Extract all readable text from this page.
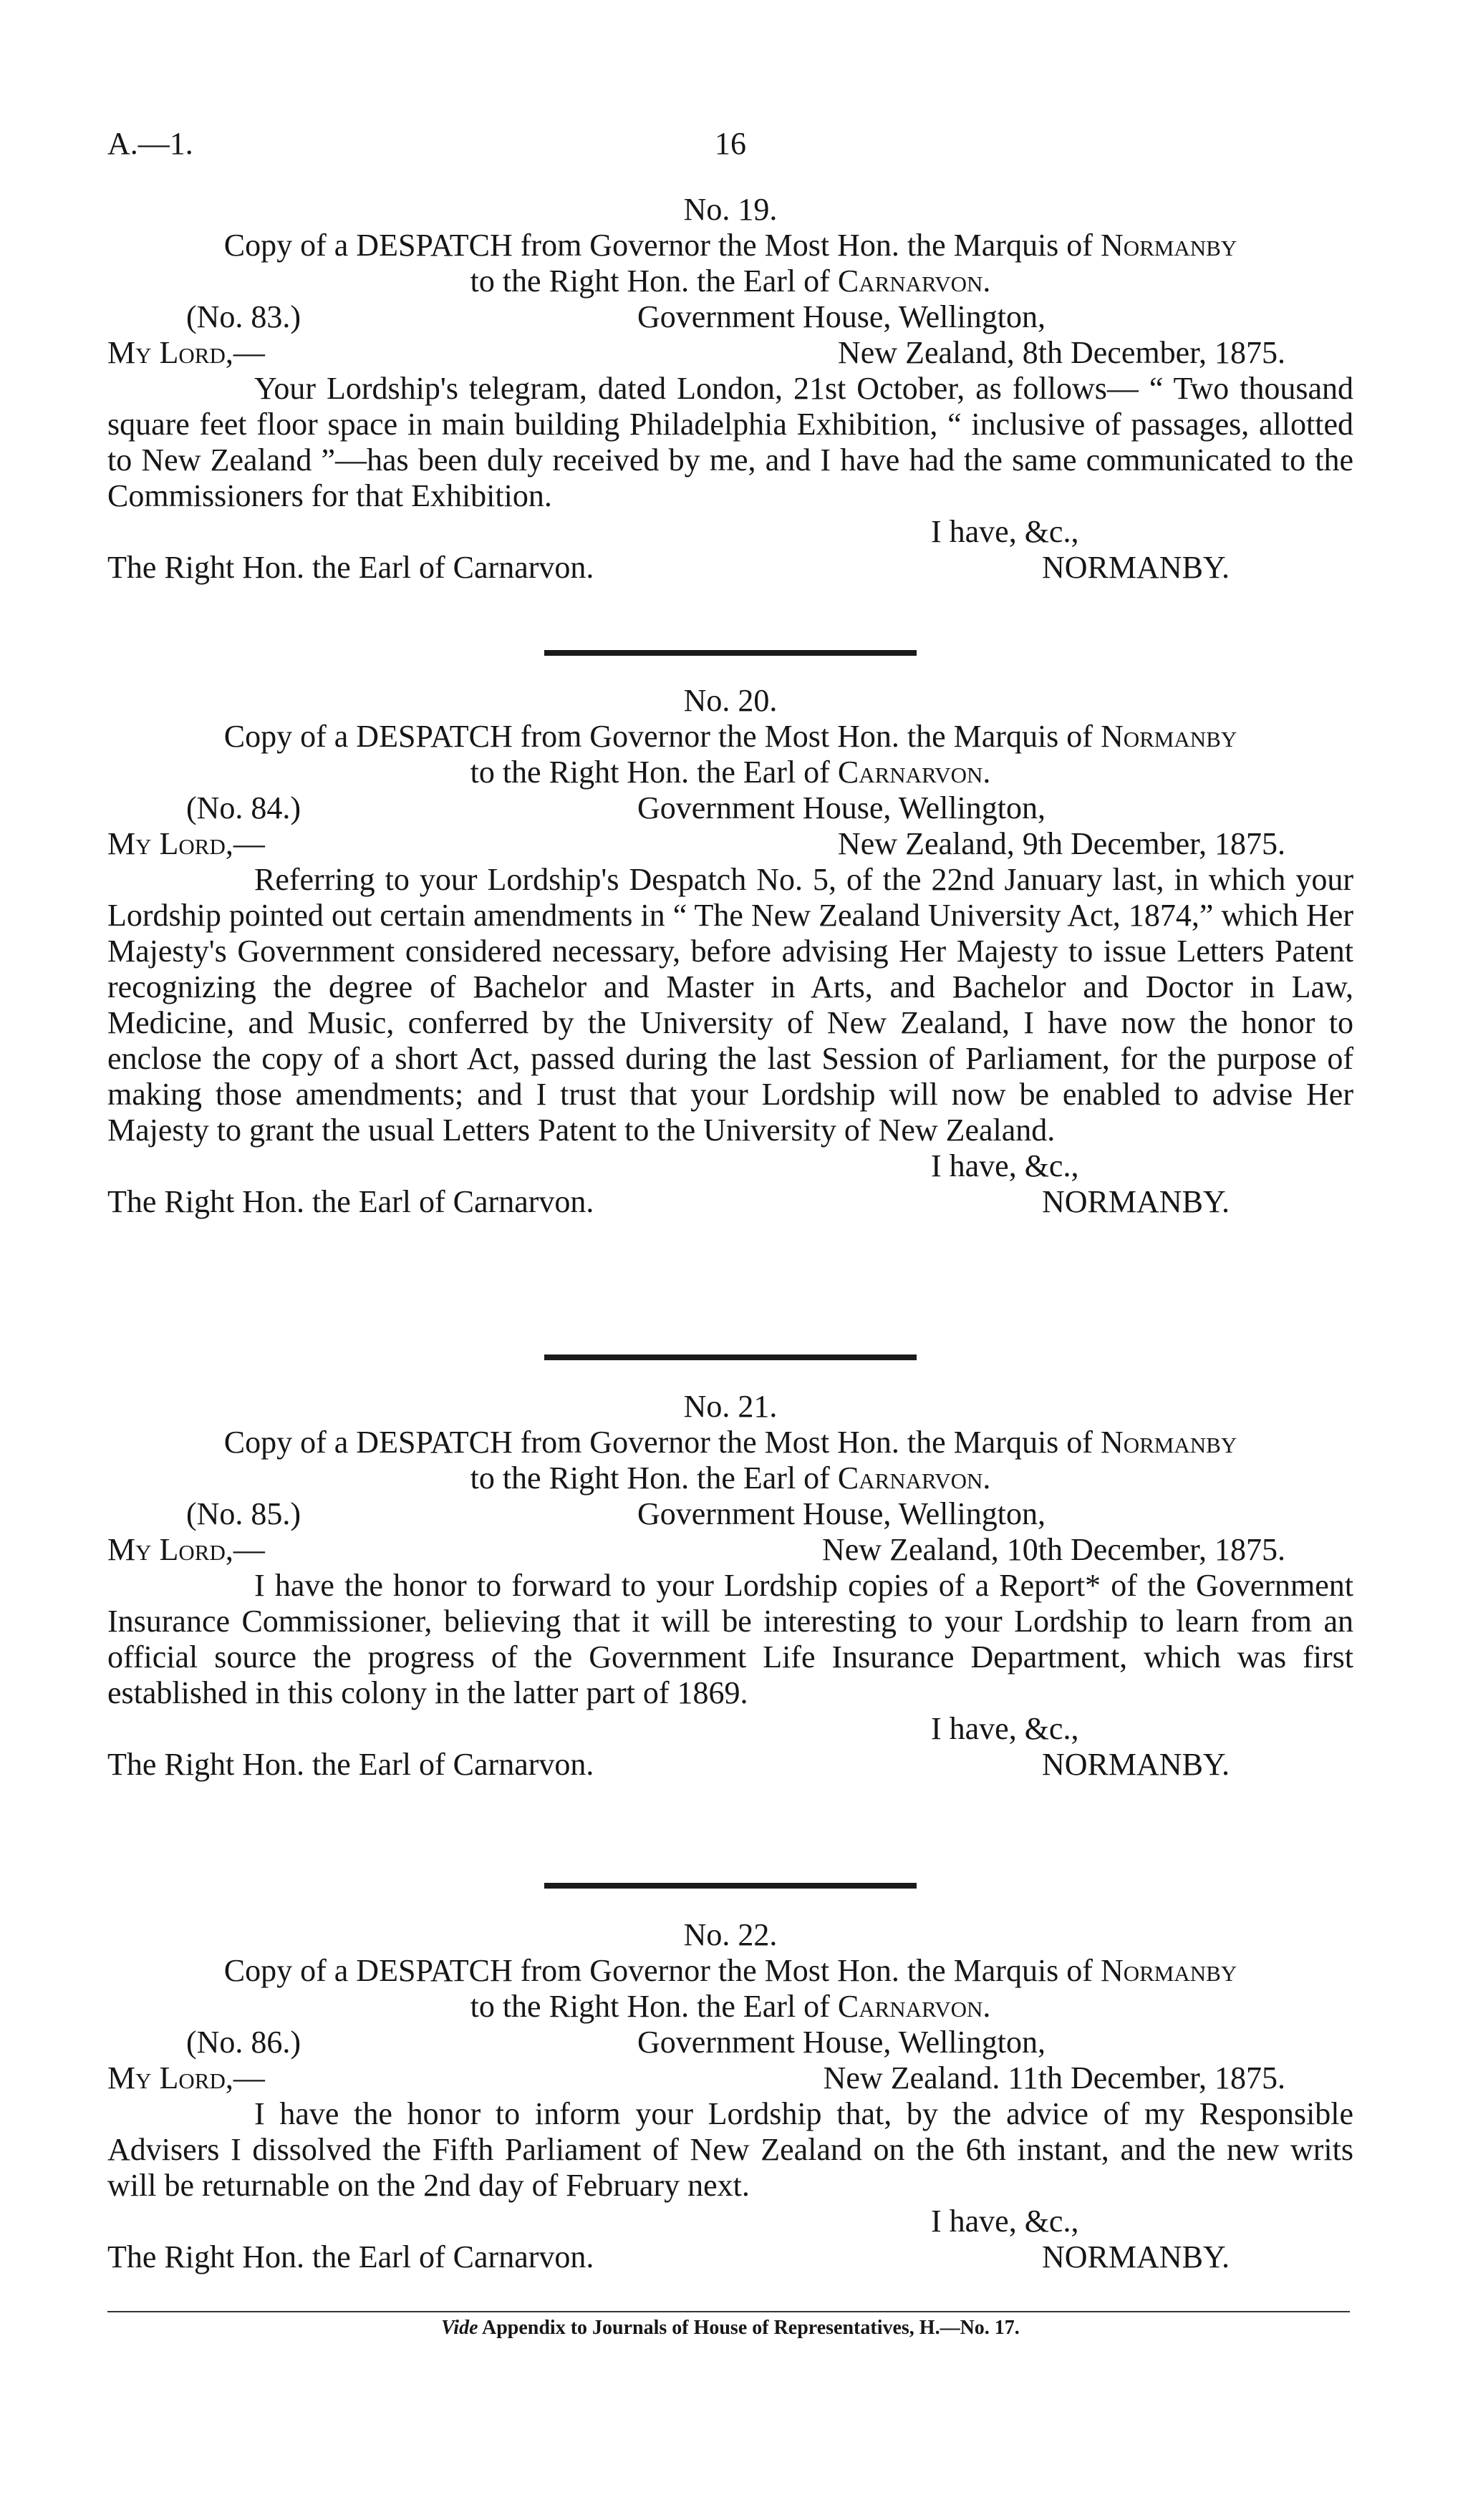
A.—1.	16
No. 19.
Copy of a DESPATCH from Governor the Most Hon. the Marquis of Normanby
to the Right Hon. the Earl of Carnarvon.
(No. 83.)	Government House, Wellington,
My Lord,—	New Zealand, 8th December, 1875.

Your Lordship's telegram, dated London, 21st October, as follows— “ Two thousand square feet floor space in main building Philadelphia Exhibition, “ inclusive of passages, allotted to New Zealand ”—has been duly received by me, and I have had the same communicated to the Commissioners for that Exhibition.

I have, &c.,
The Right Hon. the Earl of Carnarvon.	NORMANBY.
No. 20.
Copy of a DESPATCH from Governor the Most Hon. the Marquis of Normanby
to the Right Hon. the Earl of Carnarvon.
(No. 84.)	Government House, Wellington,
My Lord,—	New Zealand, 9th December, 1875.

Referring to your Lordship's Despatch No. 5, of the 22nd January last, in which your Lordship pointed out certain amendments in “ The New Zealand University Act, 1874,” which Her Majesty's Government considered necessary, before advising Her Majesty to issue Letters Patent recognizing the degree of Bachelor and Master in Arts, and Bachelor and Doctor in Law, Medicine, and Music, conferred by the University of New Zealand, I have now the honor to enclose the copy of a short Act, passed during the last Session of Parliament, for the purpose of making those amendments; and I trust that your Lordship will now be enabled to advise Her Majesty to grant the usual Letters Patent to the University of New Zealand.

I have, &c.,
The Right Hon. the Earl of Carnarvon.	NORMANBY.
No. 21.
Copy of a DESPATCH from Governor the Most Hon. the Marquis of Normanby
to the Right Hon. the Earl of Carnarvon.
(No. 85.)	Government House, Wellington,
My Lord,—	New Zealand, 10th December, 1875.

I have the honor to forward to your Lordship copies of a Report* of the Government Insurance Commissioner, believing that it will be interesting to your Lordship to learn from an official source the progress of the Government Life Insurance Department, which was first established in this colony in the latter part of 1869.

I have, &c.,
The Right Hon. the Earl of Carnarvon.	NORMANBY.
No. 22.
Copy of a DESPATCH from Governor the Most Hon. the Marquis of Normanby
to the Right Hon. the Earl of Carnarvon.
(No. 86.)	Government House, Wellington,
My Lord,—	New Zealand. 11th December, 1875.

I have the honor to inform your Lordship that, by the advice of my Responsible Advisers I dissolved the Fifth Parliament of New Zealand on the 6th instant, and the new writs will be returnable on the 2nd day of February next.

I have, &c.,
The Right Hon. the Earl of Carnarvon.	NORMANBY.
Vide Appendix to Journals of House of Representatives, H.—No. 17.
